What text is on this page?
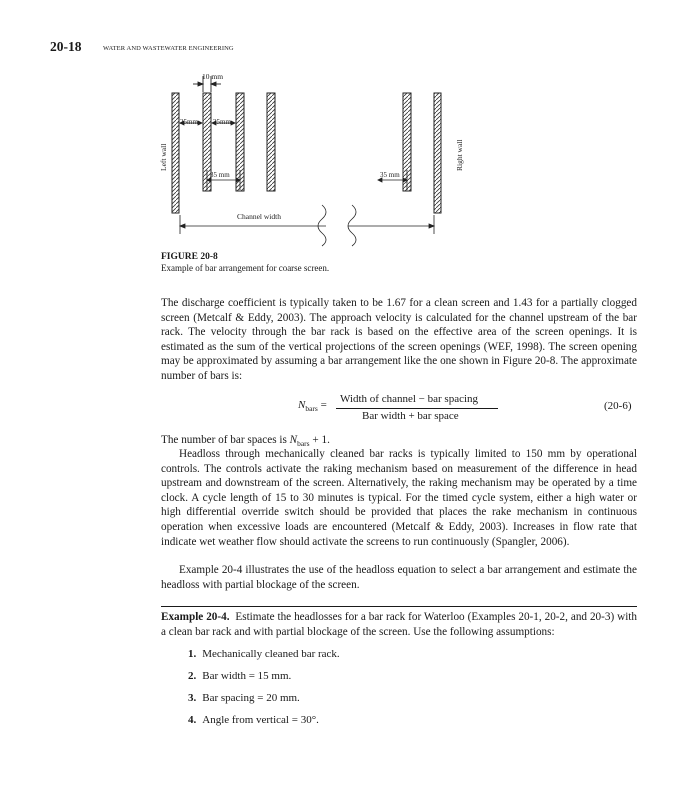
20-18	WATER AND WASTEWATER ENGINEERING
10 mm
25mm 25mm
35 mm	35 mm
Channel width
Left wall	Right wall
FIGURE 20-8
Example of bar arrangement for coarse screen.

The discharge coefficient is typically taken to be 1.67 for a clean screen and 1.43 for a partially clogged screen (Metcalf & Eddy, 2003). The approach velocity is calculated for the channel upstream of the bar rack. The velocity through the bar rack is based on the effective area of the screen openings. It is estimated as the sum of the vertical projections of the screen openings (WEF, 1998). The screen opening may be approximated by assuming a bar arrangement like the one shown in Figure 20-8. The approximate number of bars is:

$N_{bars}$ = Width of channel − bar spacing
Bar width + bar space
(20-6)

The number of bar spaces is $N_{bars} + 1$.

Headloss through mechanically cleaned bar racks is typically limited to 150 mm by operational controls. The controls activate the raking mechanism based on measurement of the difference in head upstream and downstream of the screen. Alternatively, the raking mechanism may be operated by a time clock. A cycle length of 15 to 30 minutes is typical. For the timed cycle system, either a high water or high differential override switch should be provided that places the rake mechanism in continuous operation when excessive loads are encountered (Metcalf & Eddy, 2003). Increases in flow rate that indicate wet weather flow should activate the screens to run continuously (Spangler, 2006).

Example 20-4 illustrates the use of the headloss equation to select a bar arrangement and estimate the headloss with partial blockage of the screen.

Example 20-4. Estimate the headlosses for a bar rack for Waterloo (Examples 20-1, 20-2, and 20-3) with a clean bar rack and with partial blockage of the screen. Use the following assumptions:

1. Mechanically cleaned bar rack.
2. Bar width = 15 mm.
3. Bar spacing = 20 mm.
4. Angle from vertical = 30°.
